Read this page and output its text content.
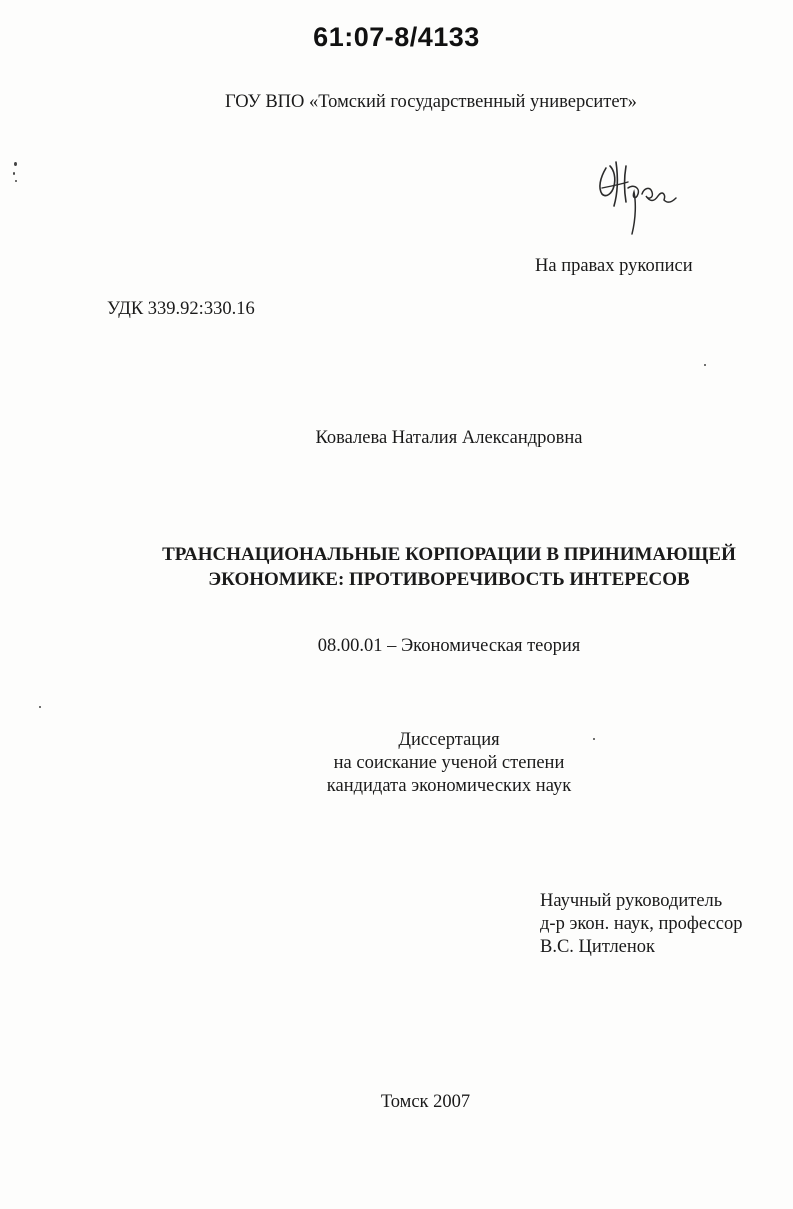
61:07-8/4133
ГОУ ВПО «Томский государственный университет»
На правах рукописи
УДК 339.92:330.16
Ковалева Наталия Александровна
ТРАНСНАЦИОНАЛЬНЫЕ КОРПОРАЦИИ В ПРИНИМАЮЩЕЙ
ЭКОНОМИКЕ: ПРОТИВОРЕЧИВОСТЬ ИНТЕРЕСОВ
08.00.01 – Экономическая теория
Диссертация
на соискание ученой степени
кандидата экономических наук
Научный руководитель
д-р экон. наук, профессор
В.С. Цитленок
Томск 2007
